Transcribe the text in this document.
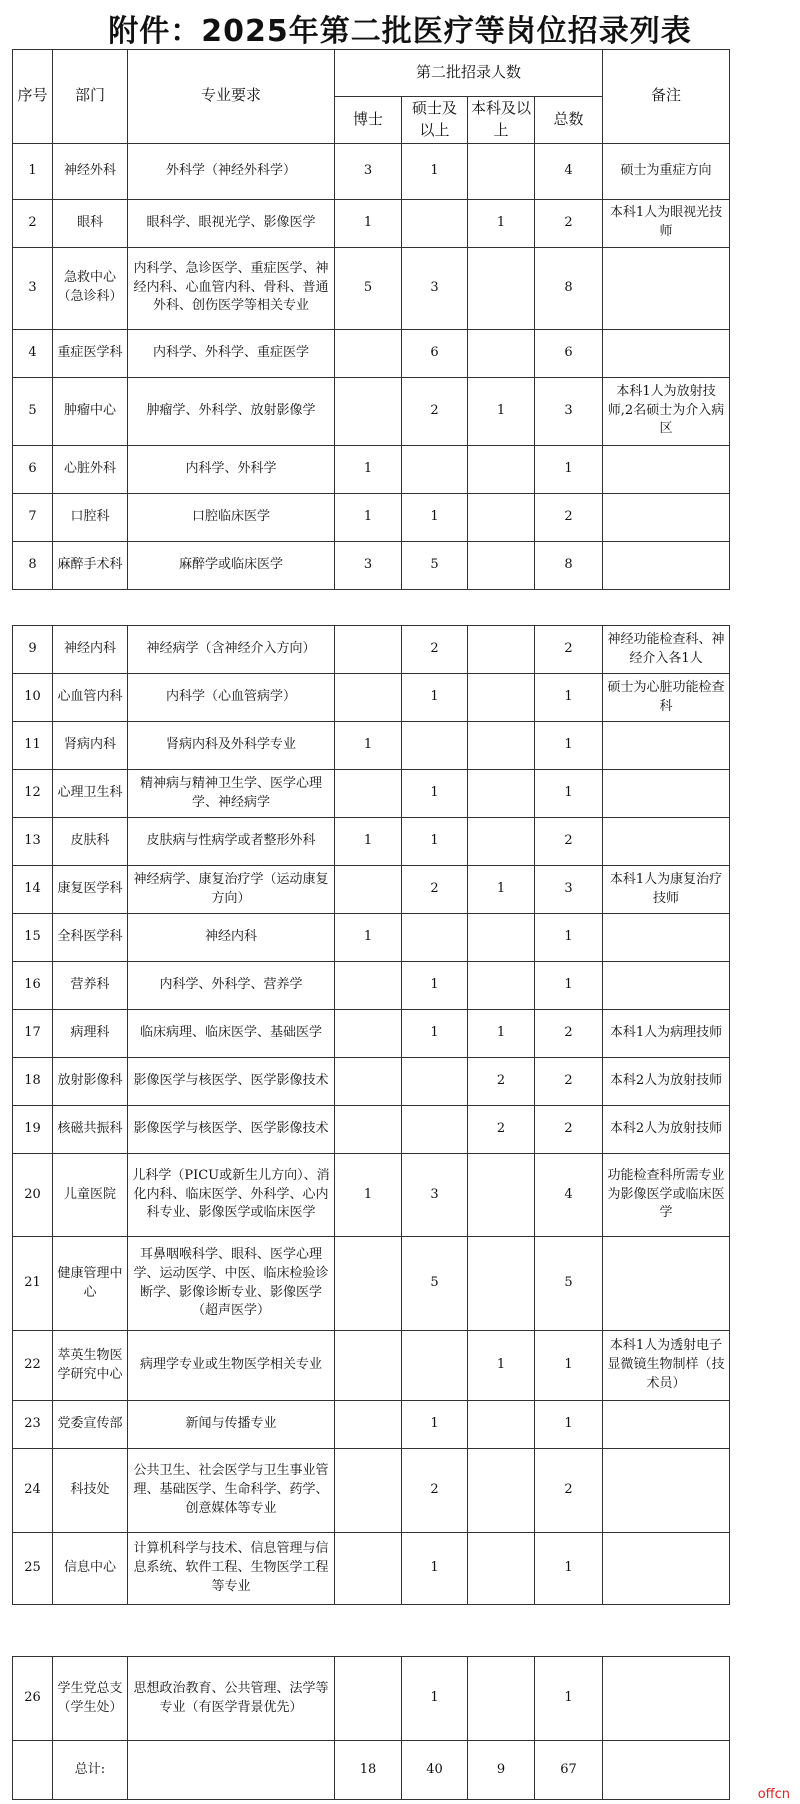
附件：2025年第二批医疗等岗位招录列表
序号	部门	专业要求	第二批招录人数				备注
			博士	硕士及以上	本科及以上	总数	
1	神经外科	外科学（神经外科学）	3	1		4	硕士为重症方向
2	眼科	眼科学、眼视光学、影像医学	1		1	2	本科1人为眼视光技师
3	急救中心（急诊科）	内科学、急诊医学、重症医学、神经内科、心血管内科、骨科、普通外科、创伤医学等相关专业	5	3		8	
4	重症医学科	内科学、外科学、重症医学		6		6	
5	肿瘤中心	肿瘤学、外科学、放射影像学		2	1	3	本科1人为放射技师,2名硕士为介入病区
6	心脏外科	内科学、外科学	1			1	
7	口腔科	口腔临床医学	1	1		2	
8	麻醉手术科	麻醉学或临床医学	3	5		8	
9	神经内科	神经病学（含神经介入方向）		2		2	神经功能检查科、神经介入各1人
10	心血管内科	内科学（心血管病学）		1		1	硕士为心脏功能检查科
11	肾病内科	肾病内科及外科学专业	1			1	
12	心理卫生科	精神病与精神卫生学、医学心理学、神经病学		1		1	
13	皮肤科	皮肤病与性病学或者整形外科	1	1		2	
14	康复医学科	神经病学、康复治疗学（运动康复方向）		2	1	3	本科1人为康复治疗技师
15	全科医学科	神经内科	1			1	
16	营养科	内科学、外科学、营养学		1		1	
17	病理科	临床病理、临床医学、基础医学		1	1	2	本科1人为病理技师
18	放射影像科	影像医学与核医学、医学影像技术			2	2	本科2人为放射技师
19	核磁共振科	影像医学与核医学、医学影像技术			2	2	本科2人为放射技师
20	儿童医院	儿科学（PICU或新生儿方向）、消化内科、临床医学、外科学、心内科专业、影像医学或临床医学	1	3		4	功能检查科所需专业为影像医学或临床医学
21	健康管理中心	耳鼻咽喉科学、眼科、医学心理学、运动医学、中医、临床检验诊断学、影像诊断专业、影像医学（超声医学）		5		5	
22	萃英生物医学研究中心	病理学专业或生物医学相关专业			1	1	本科1人为透射电子显微镜生物制样（技术员）
23	党委宣传部	新闻与传播专业		1		1	
24	科技处	公共卫生、社会医学与卫生事业管理、基础医学、生命科学、药学、创意媒体等专业		2		2	
25	信息中心	计算机科学与技术、信息管理与信息系统、软件工程、生物医学工程等专业		1		1	
26	学生党总支（学生处）	思想政治教育、公共管理、法学等专业（有医学背景优先）		1		1	
	总计:		18	40	9	67	
offcn
